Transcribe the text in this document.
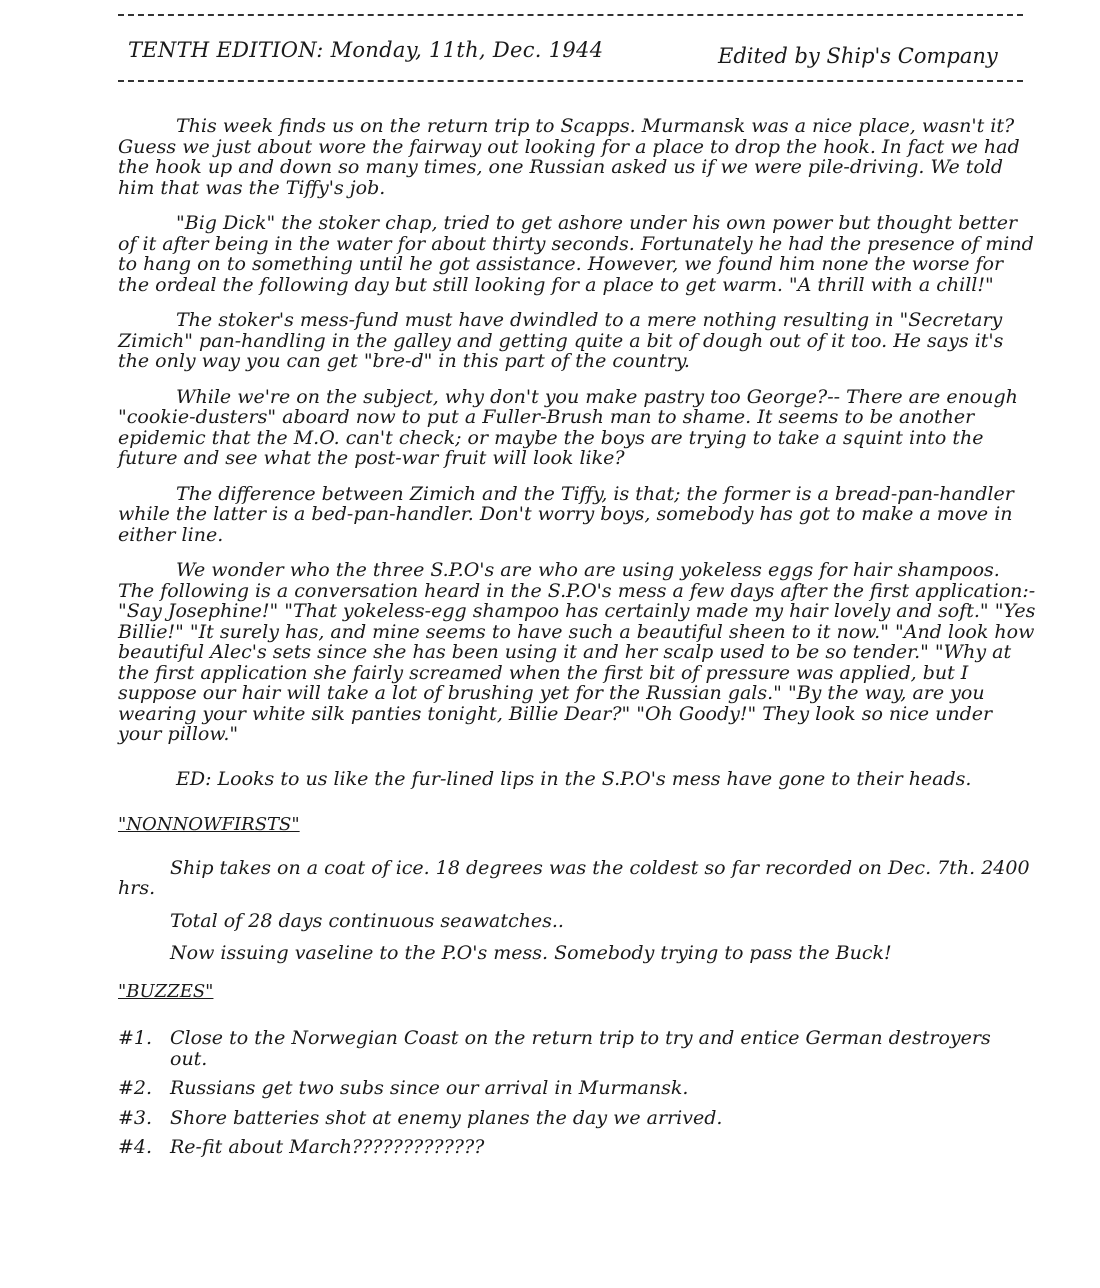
TENTH EDITION: Monday, 11th, Dec. 1944	Edited by Ship's Company

This week finds us on the return trip to Scapps. Murmansk was a nice place, wasn't it? Guess we just about wore the fairway out looking for a place to drop the hook. In fact we had the hook up and down so many times, one Russian asked us if we were pile-driving. We told him that was the Tiffy's job.

"Big Dick" the stoker chap, tried to get ashore under his own power but thought better of it after being in the water for about thirty seconds. Fortunately he had the presence of mind to hang on to something until he got assistance. However, we found him none the worse for the ordeal the following day but still looking for a place to get warm. "A thrill with a chill!"

The stoker's mess-fund must have dwindled to a mere nothing resulting in "Secretary Zimich" pan-handling in the galley and getting quite a bit of dough out of it too. He says it's the only way you can get "bre-d" in this part of the country.

While we're on the subject, why don't you make pastry too George?-- There are enough "cookie-dusters" aboard now to put a Fuller-Brush man to shame. It seems to be another epidemic that the M.O. can't check; or maybe the boys are trying to take a squint into the future and see what the post-war fruit will look like?

The difference between Zimich and the Tiffy, is that; the former is a bread-pan-handler while the latter is a bed-pan-handler. Don't worry boys, somebody has got to make a move in either line.

We wonder who the three S.P.O's are who are using yokeless eggs for hair shampoos. The following is a conversation heard in the S.P.O's mess a few days after the first application:- "Say Josephine!" "That yokeless-egg shampoo has certainly made my hair lovely and soft." "Yes Billie!" "It surely has, and mine seems to have such a beautiful sheen to it now." "And look how beautiful Alec's sets since she has been using it and her scalp used to be so tender." "Why at the first application she fairly screamed when the first bit of pressure was applied, but I suppose our hair will take a lot of brushing yet for the Russian gals." "By the way, are you wearing your white silk panties tonight, Billie Dear?" "Oh Goody!" They look so nice under your pillow."

ED: Looks to us like the fur-lined lips in the S.P.O's mess have gone to their heads.

"NONNOWFIRSTS"

Ship takes on a coat of ice. 18 degrees was the coldest so far recorded on Dec. 7th. 2400 hrs.

Total of 28 days continuous seawatches..

Now issuing vaseline to the P.O's mess. Somebody trying to pass the Buck!

"BUZZES"
#1. Close to the Norwegian Coast on the return trip to try and entice German destroyers out.
#2. Russians get two subs since our arrival in Murmansk.
#3. Shore batteries shot at enemy planes the day we arrived.
#4. Re-fit about March?????????????
